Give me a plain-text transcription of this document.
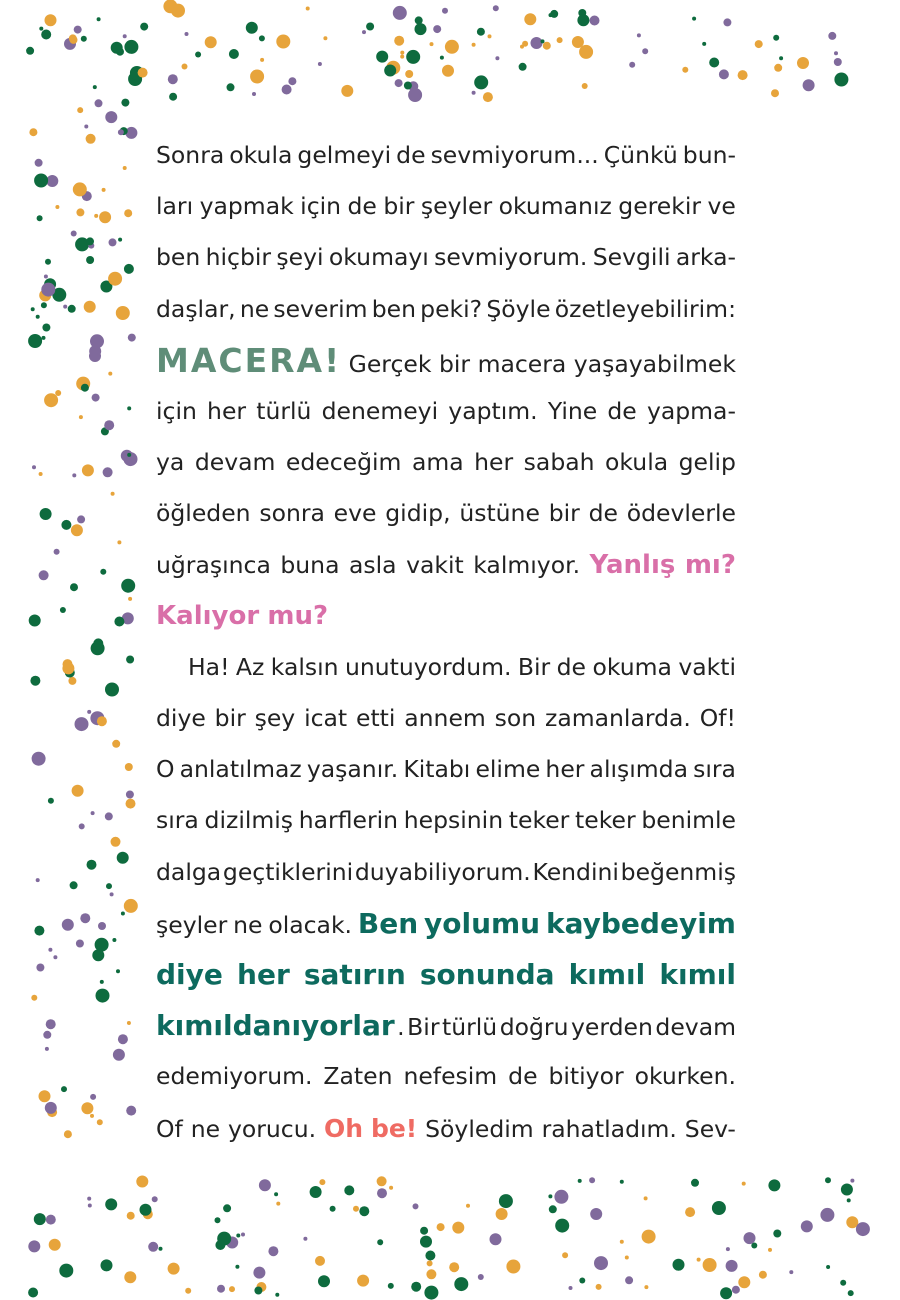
Sonra okula gelmeyi de sevmiyorum... Çünkü bun-
ları yapmak için de bir şeyler okumanız gerekir ve
ben hiçbir şeyi okumayı sevmiyorum. Sevgili arka-
daşlar, ne severim ben peki? Şöyle özetleyebilirim:
MACERA! Gerçek bir macera yaşayabilmek
için her türlü denemeyi yaptım. Yine de yapma-
ya devam edeceğim ama her sabah okula gelip
öğleden sonra eve gidip, üstüne bir de ödevlerle
uğraşınca buna asla vakit kalmıyor. Yanlış mı?
Kalıyor mu?
Ha! Az kalsın unutuyordum. Bir de okuma vakti
diye bir şey icat etti annem son zamanlarda. Of!
O anlatılmaz yaşanır. Kitabı elime her alışımda sıra
sıra dizilmiş harflerin hepsinin teker teker benimle
dalga geçtiklerini duyabiliyorum. Kendini beğenmiş
şeyler ne olacak. Ben yolumu kaybedeyim
diye her satırın sonunda kımıl kımıl
kımıldanıyorlar . Bir türlü doğru yerden devam
edemiyorum. Zaten nefesim de bitiyor okurken.
Of ne yorucu. Oh be! Söyledim rahatladım. Sev-
